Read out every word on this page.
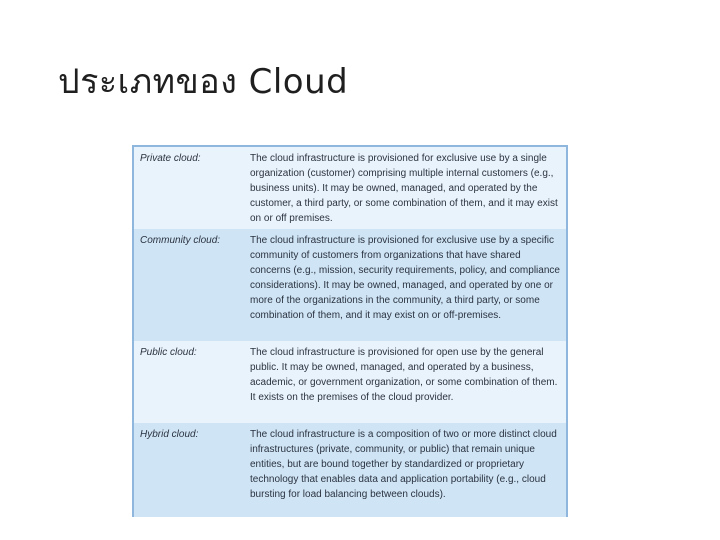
ประเภทของ Cloud
Private cloud:	The cloud infrastructure is provisioned for exclusive use by a single organization (customer) comprising multiple internal customers (e.g., business units). It may be owned, managed, and operated by the customer, a third party, or some combination of them, and it may exist on or off premises.
Community cloud:	The cloud infrastructure is provisioned for exclusive use by a specific community of customers from organizations that have shared concerns (e.g., mission, security requirements, policy, and compliance considerations). It may be owned, managed, and operated by one or more of the organizations in the community, a third party, or some combination of them, and it may exist on or off-premises.
Public cloud:	The cloud infrastructure is provisioned for open use by the general public. It may be owned, managed, and operated by a business, academic, or government organization, or some combination of them. It exists on the premises of the cloud provider.
Hybrid cloud:	The cloud infrastructure is a composition of two or more distinct cloud infrastructures (private, community, or public) that remain unique entities, but are bound together by standardized or proprietary technology that enables data and application portability (e.g., cloud bursting for load balancing between clouds).
